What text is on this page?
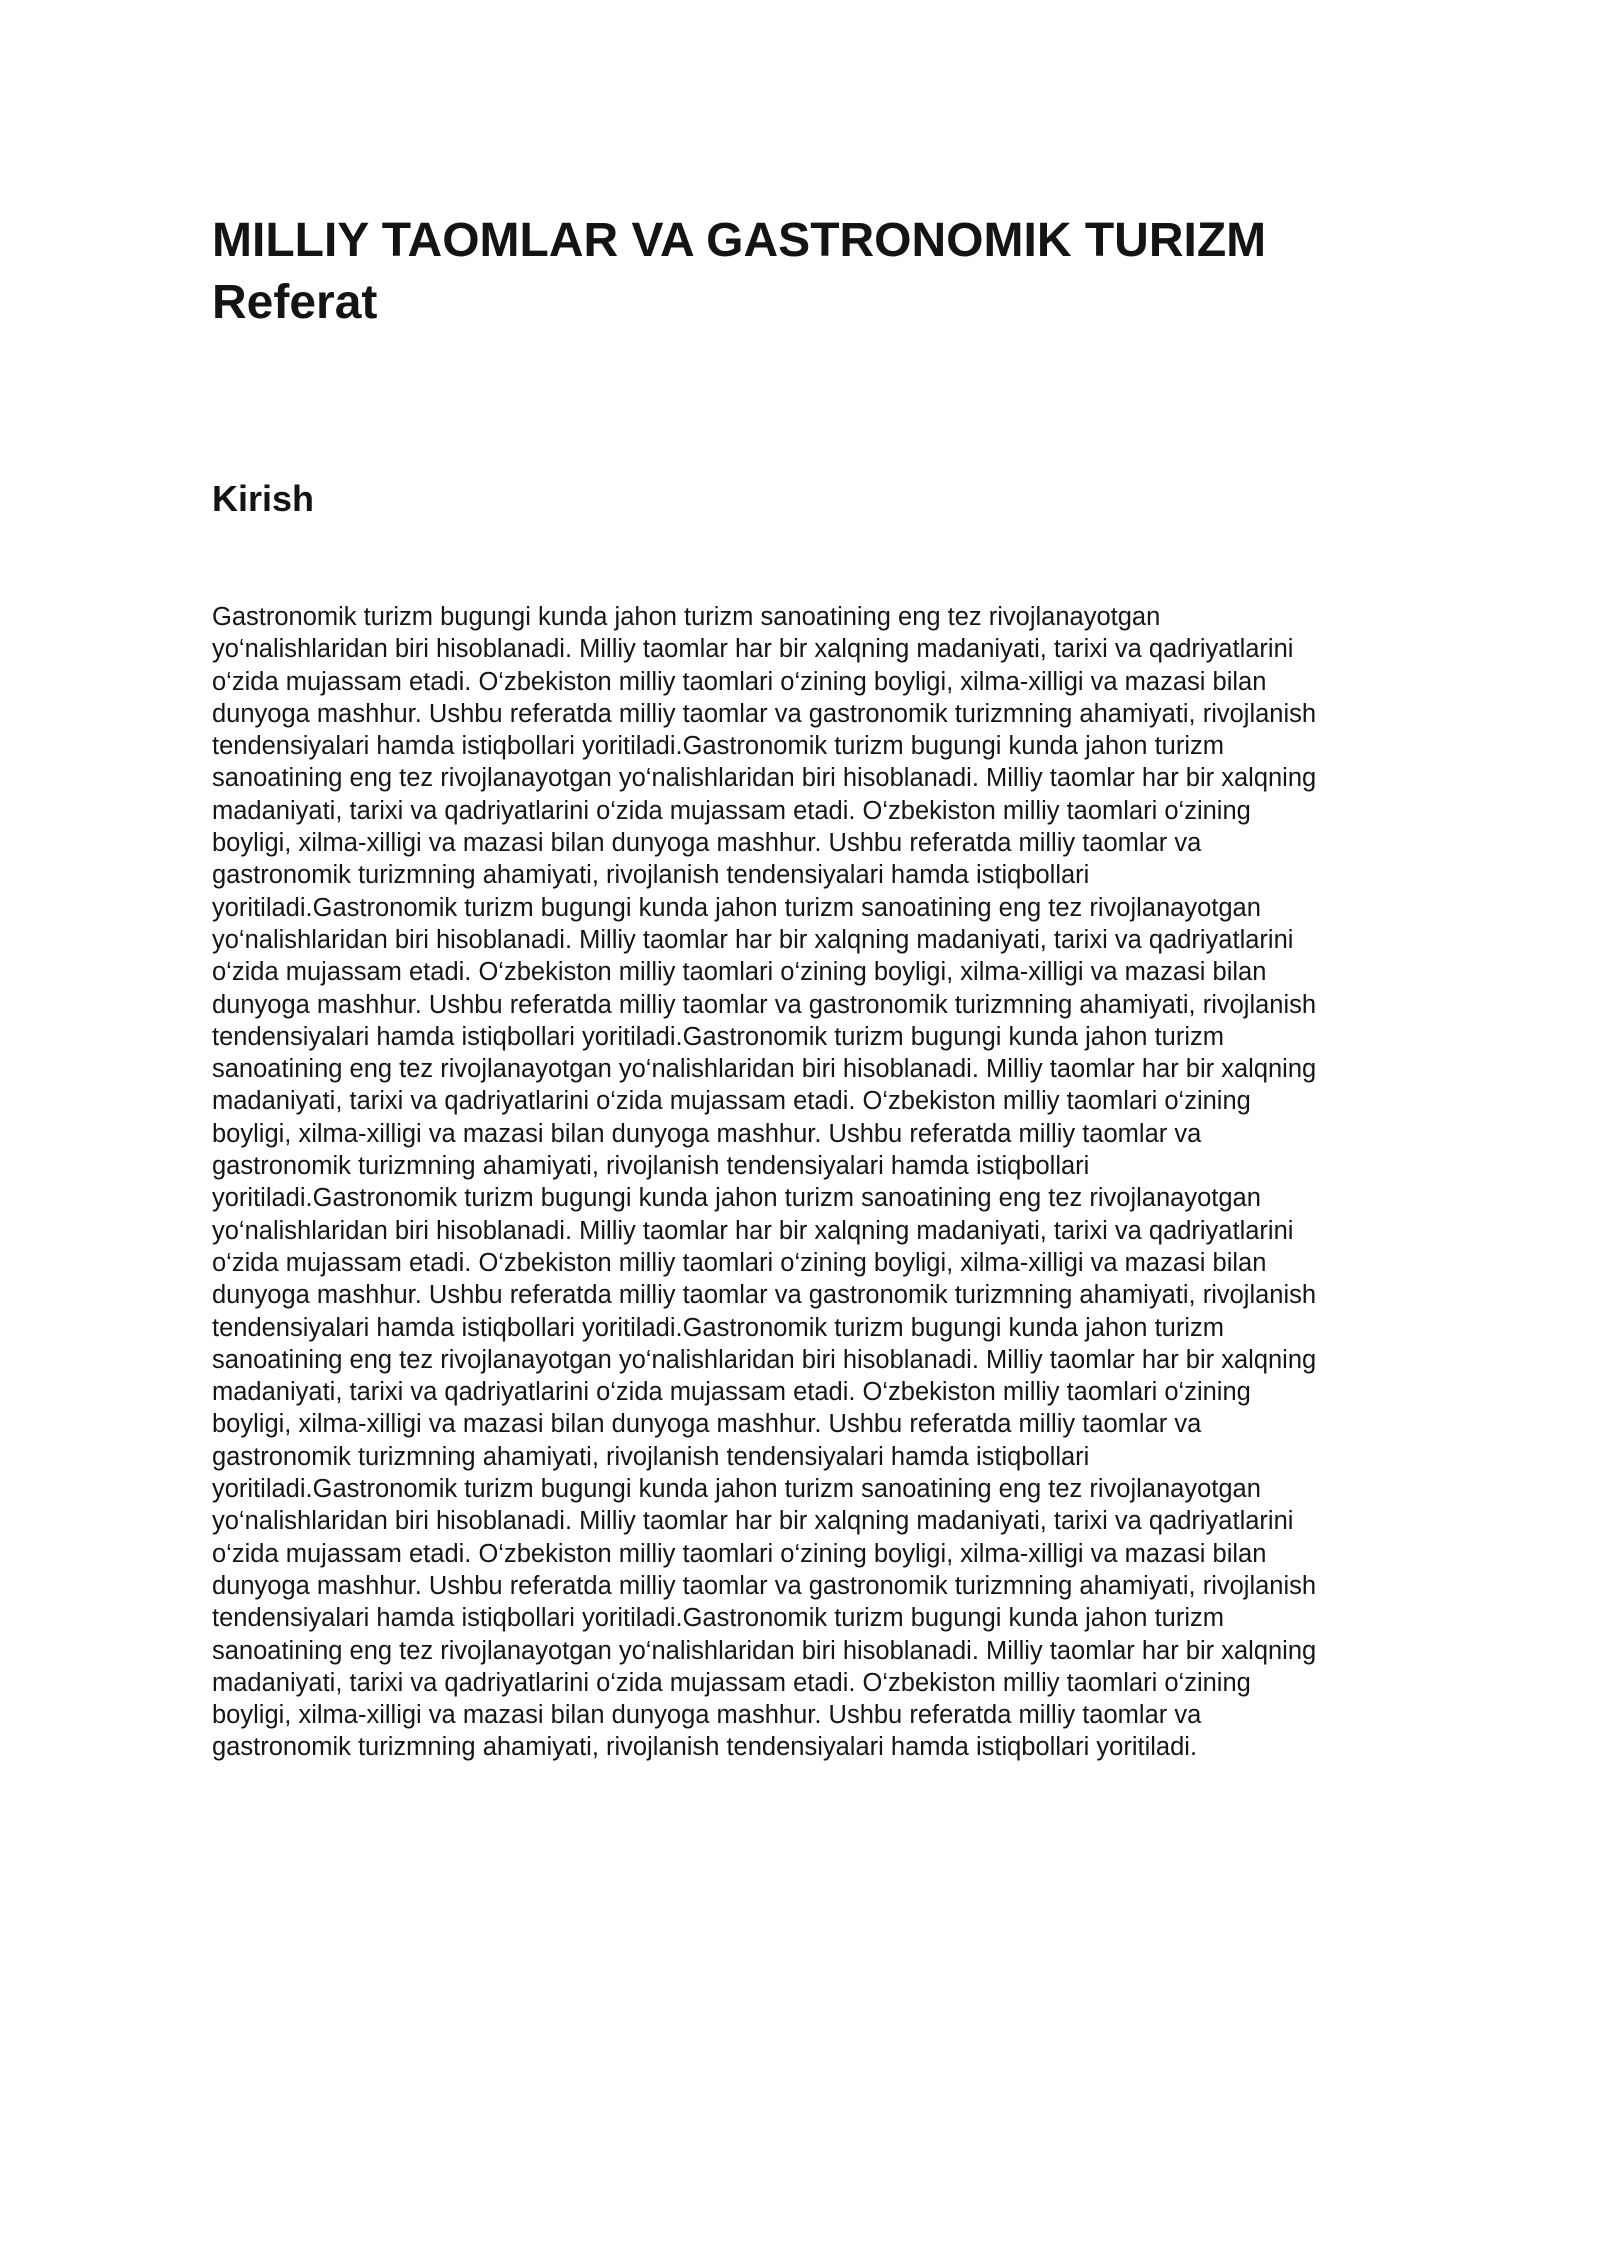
MILLIY TAOMLAR VA GASTRONOMIK TURIZM
Referat
Kirish

Gastronomik turizm bugungi kunda jahon turizm sanoatining eng tez rivojlanayotgan
yo‘nalishlaridan biri hisoblanadi. Milliy taomlar har bir xalqning madaniyati, tarixi va qadriyatlarini
o‘zida mujassam etadi. O‘zbekiston milliy taomlari o‘zining boyligi, xilma-xilligi va mazasi bilan
dunyoga mashhur. Ushbu referatda milliy taomlar va gastronomik turizmning ahamiyati, rivojlanish
tendensiyalari hamda istiqbollari yoritiladi.Gastronomik turizm bugungi kunda jahon turizm
sanoatining eng tez rivojlanayotgan yo‘nalishlaridan biri hisoblanadi. Milliy taomlar har bir xalqning
madaniyati, tarixi va qadriyatlarini o‘zida mujassam etadi. O‘zbekiston milliy taomlari o‘zining
boyligi, xilma-xilligi va mazasi bilan dunyoga mashhur. Ushbu referatda milliy taomlar va
gastronomik turizmning ahamiyati, rivojlanish tendensiyalari hamda istiqbollari
yoritiladi.Gastronomik turizm bugungi kunda jahon turizm sanoatining eng tez rivojlanayotgan
yo‘nalishlaridan biri hisoblanadi. Milliy taomlar har bir xalqning madaniyati, tarixi va qadriyatlarini
o‘zida mujassam etadi. O‘zbekiston milliy taomlari o‘zining boyligi, xilma-xilligi va mazasi bilan
dunyoga mashhur. Ushbu referatda milliy taomlar va gastronomik turizmning ahamiyati, rivojlanish
tendensiyalari hamda istiqbollari yoritiladi.Gastronomik turizm bugungi kunda jahon turizm
sanoatining eng tez rivojlanayotgan yo‘nalishlaridan biri hisoblanadi. Milliy taomlar har bir xalqning
madaniyati, tarixi va qadriyatlarini o‘zida mujassam etadi. O‘zbekiston milliy taomlari o‘zining
boyligi, xilma-xilligi va mazasi bilan dunyoga mashhur. Ushbu referatda milliy taomlar va
gastronomik turizmning ahamiyati, rivojlanish tendensiyalari hamda istiqbollari
yoritiladi.Gastronomik turizm bugungi kunda jahon turizm sanoatining eng tez rivojlanayotgan
yo‘nalishlaridan biri hisoblanadi. Milliy taomlar har bir xalqning madaniyati, tarixi va qadriyatlarini
o‘zida mujassam etadi. O‘zbekiston milliy taomlari o‘zining boyligi, xilma-xilligi va mazasi bilan
dunyoga mashhur. Ushbu referatda milliy taomlar va gastronomik turizmning ahamiyati, rivojlanish
tendensiyalari hamda istiqbollari yoritiladi.Gastronomik turizm bugungi kunda jahon turizm
sanoatining eng tez rivojlanayotgan yo‘nalishlaridan biri hisoblanadi. Milliy taomlar har bir xalqning
madaniyati, tarixi va qadriyatlarini o‘zida mujassam etadi. O‘zbekiston milliy taomlari o‘zining
boyligi, xilma-xilligi va mazasi bilan dunyoga mashhur. Ushbu referatda milliy taomlar va
gastronomik turizmning ahamiyati, rivojlanish tendensiyalari hamda istiqbollari
yoritiladi.Gastronomik turizm bugungi kunda jahon turizm sanoatining eng tez rivojlanayotgan
yo‘nalishlaridan biri hisoblanadi. Milliy taomlar har bir xalqning madaniyati, tarixi va qadriyatlarini
o‘zida mujassam etadi. O‘zbekiston milliy taomlari o‘zining boyligi, xilma-xilligi va mazasi bilan
dunyoga mashhur. Ushbu referatda milliy taomlar va gastronomik turizmning ahamiyati, rivojlanish
tendensiyalari hamda istiqbollari yoritiladi.Gastronomik turizm bugungi kunda jahon turizm
sanoatining eng tez rivojlanayotgan yo‘nalishlaridan biri hisoblanadi. Milliy taomlar har bir xalqning
madaniyati, tarixi va qadriyatlarini o‘zida mujassam etadi. O‘zbekiston milliy taomlari o‘zining
boyligi, xilma-xilligi va mazasi bilan dunyoga mashhur. Ushbu referatda milliy taomlar va
gastronomik turizmning ahamiyati, rivojlanish tendensiyalari hamda istiqbollari yoritiladi.
